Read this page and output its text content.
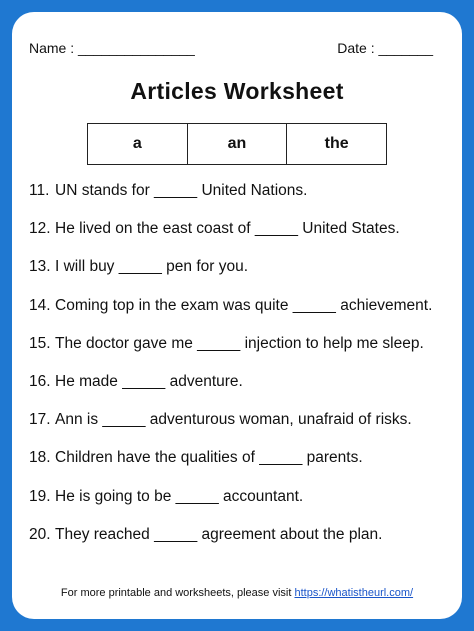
Name : _______________	Date : _______
Articles Worksheet
a	an	the
11. UN stands for _____ United Nations.
12. He lived on the east coast of _____ United States.
13. I will buy _____ pen for you.
14. Coming top in the exam was quite _____ achievement.
15. The doctor gave me _____ injection to help me sleep.
16. He made _____ adventure.
17. Ann is _____ adventurous woman, unafraid of risks.
18. Children have the qualities of _____ parents.
19. He is going to be _____ accountant.
20. They reached _____ agreement about the plan.
For more printable and worksheets, please visit https://whatistheurl.com/
